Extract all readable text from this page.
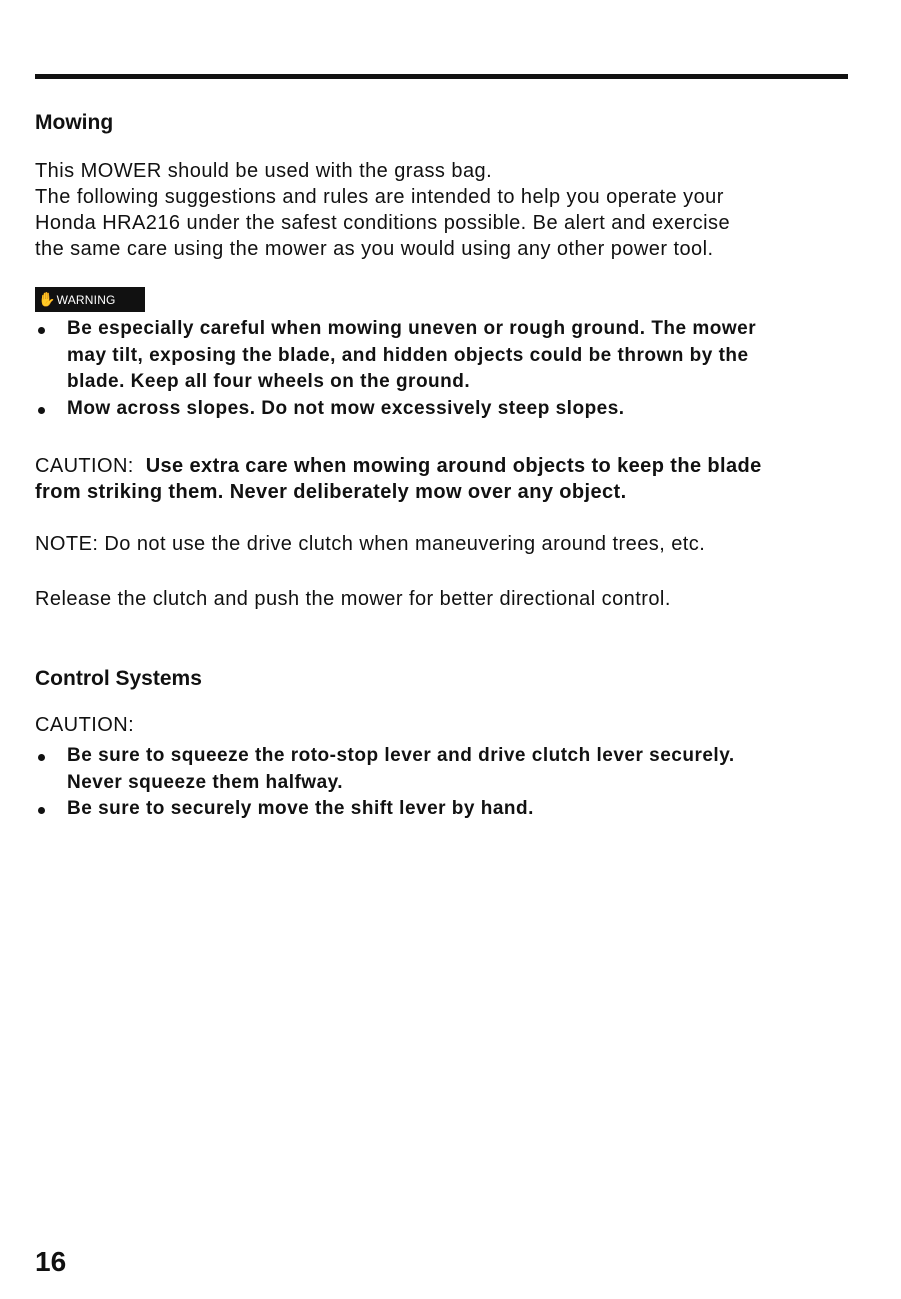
Mowing
This MOWER should be used with the grass bag.
The following suggestions and rules are intended to help you operate your
Honda HRA216 under the safest conditions possible. Be alert and exercise
the same care using the mower as you would using any other power tool.
✋WARNING
Be especially careful when mowing uneven or rough ground. The mower
may tilt, exposing the blade, and hidden objects could be thrown by the
blade. Keep all four wheels on the ground.
Mow across slopes. Do not mow excessively steep slopes.
CAUTION: Use extra care when mowing around objects to keep the blade
from striking them. Never deliberately mow over any object.
NOTE: Do not use the drive clutch when maneuvering around trees, etc.
Release the clutch and push the mower for better directional control.
Control Systems
CAUTION:
Be sure to squeeze the roto-stop lever and drive clutch lever securely.
Never squeeze them halfway.
Be sure to securely move the shift lever by hand.
16
